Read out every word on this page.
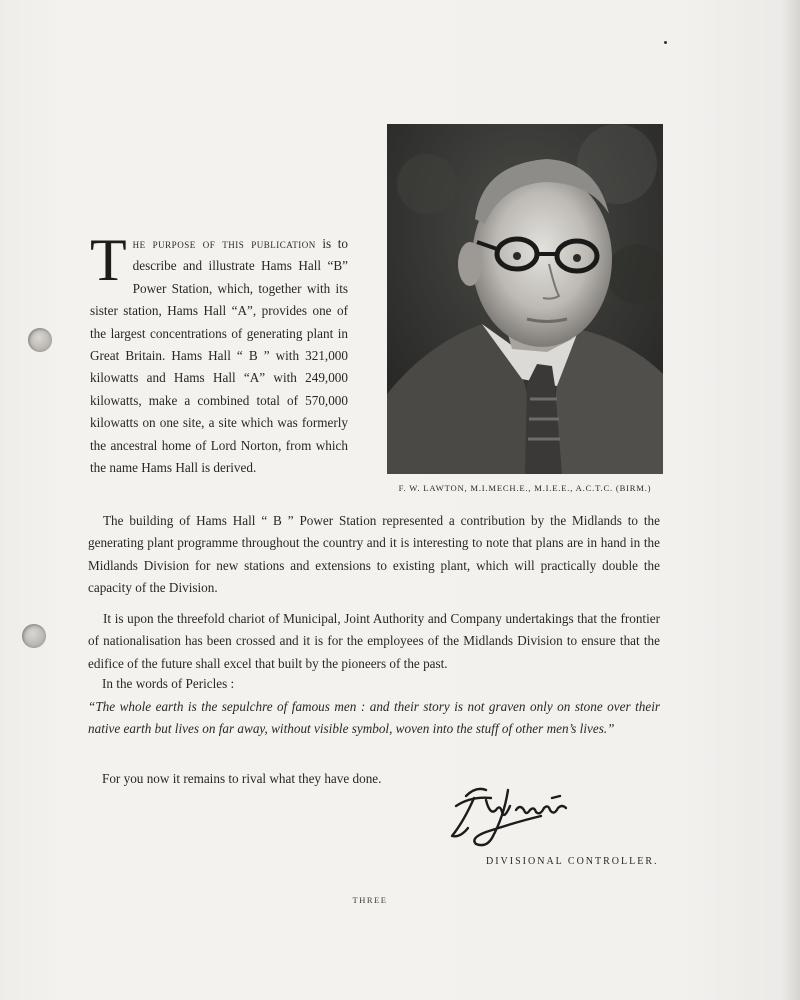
The purpose of this publication is to describe and illustrate Hams Hall “B” Power Station, which, together with its sister station, Hams Hall “A”, provides one of the largest concentrations of generating plant in Great Britain. Hams Hall “ B ” with 321,000 kilowatts and Hams Hall “A” with 249,000 kilowatts, make a combined total of 570,000 kilowatts on one site, a site which was formerly the ancestral home of Lord Norton, from which the name Hams Hall is derived.
F. W. LAWTON, M.I.MECH.E., M.I.E.E., A.C.T.C. (BIRM.)
The building of Hams Hall “ B ” Power Station represented a contribution by the Midlands to the generating plant programme throughout the country and it is interesting to note that plans are in hand in the Midlands Division for new stations and extensions to existing plant, which will practically double the capacity of the Division.
It is upon the threefold chariot of Municipal, Joint Authority and Company undertakings that the frontier of nationalisation has been crossed and it is for the employees of the Midlands Division to ensure that the edifice of the future shall excel that built by the pioneers of the past.
In the words of Pericles :
“The whole earth is the sepulchre of famous men : and their story is not graven only on stone over their native earth but lives on far away, without visible symbol, woven into the stuff of other men’s lives.”
For you now it remains to rival what they have done.
DIVISIONAL CONTROLLER.
THREE
